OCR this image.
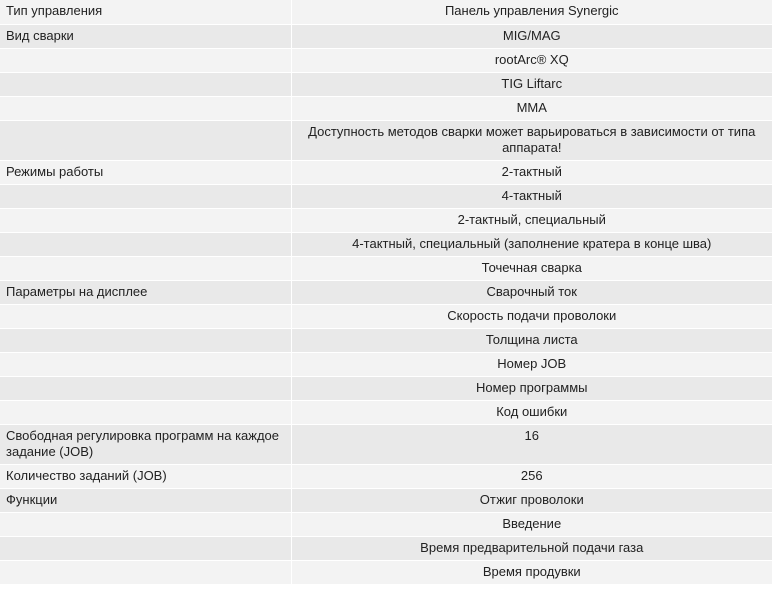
Тип управления	Панель управления Synergic
Вид сварки	MIG/MAG
	rootArc® XQ
	TIG Liftarc
	MMA
	Доступность методов сварки может варьироваться в зависимости от типа аппарата!
Режимы работы	2-тактный
	4-тактный
	2-тактный, специальный
	4-тактный, специальный (заполнение кратера в конце шва)
	Точечная сварка
Параметры на дисплее	Сварочный ток
	Скорость подачи проволоки
	Толщина листа
	Номер JOB
	Номер программы
	Код ошибки
Свободная регулировка программ на каждое задание (JOB)	16
Количество заданий (JOB)	256
Функции	Отжиг проволоки
	Введение
	Время предварительной подачи газа
	Время продувки
